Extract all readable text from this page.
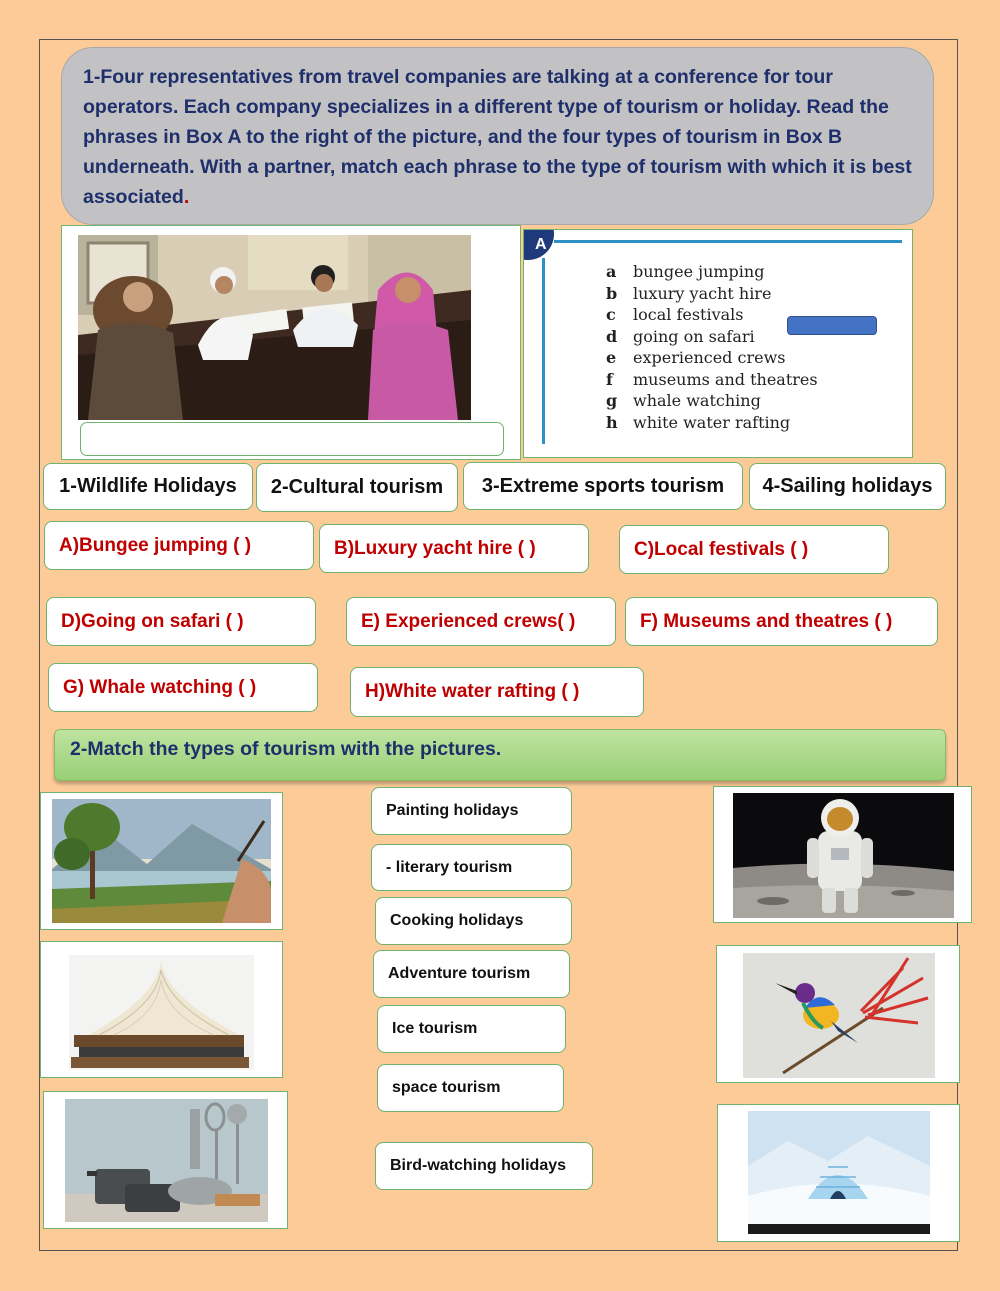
1-Four representatives from travel companies are talking at a conference for tour operators. Each company specializes in a different type of tourism or holiday. Read the phrases in Box A to the right of the picture, and the four types of tourism in Box B underneath. With a partner, match each phrase to the type of tourism with which it is best associated.
A
a bungee jumping
b luxury yacht hire
c local festivals
d going on safari
e experienced crews
f museums and theatres
g whale watching
h white water rafting
1-Wildlife Holidays	2-Cultural tourism	3-Extreme sports tourism	4-Sailing holidays
A)Bungee jumping ( )	B)Luxury yacht hire ( )	C)Local festivals ( )
D)Going on safari ( )	E) Experienced crews( )	F) Museums and theatres ( )
G) Whale watching ( )	H)White water rafting ( )
2-Match the types of tourism with the pictures.
Painting holidays
- literary tourism
Cooking holidays
Adventure tourism
Ice tourism
space tourism
Bird-watching holidays
